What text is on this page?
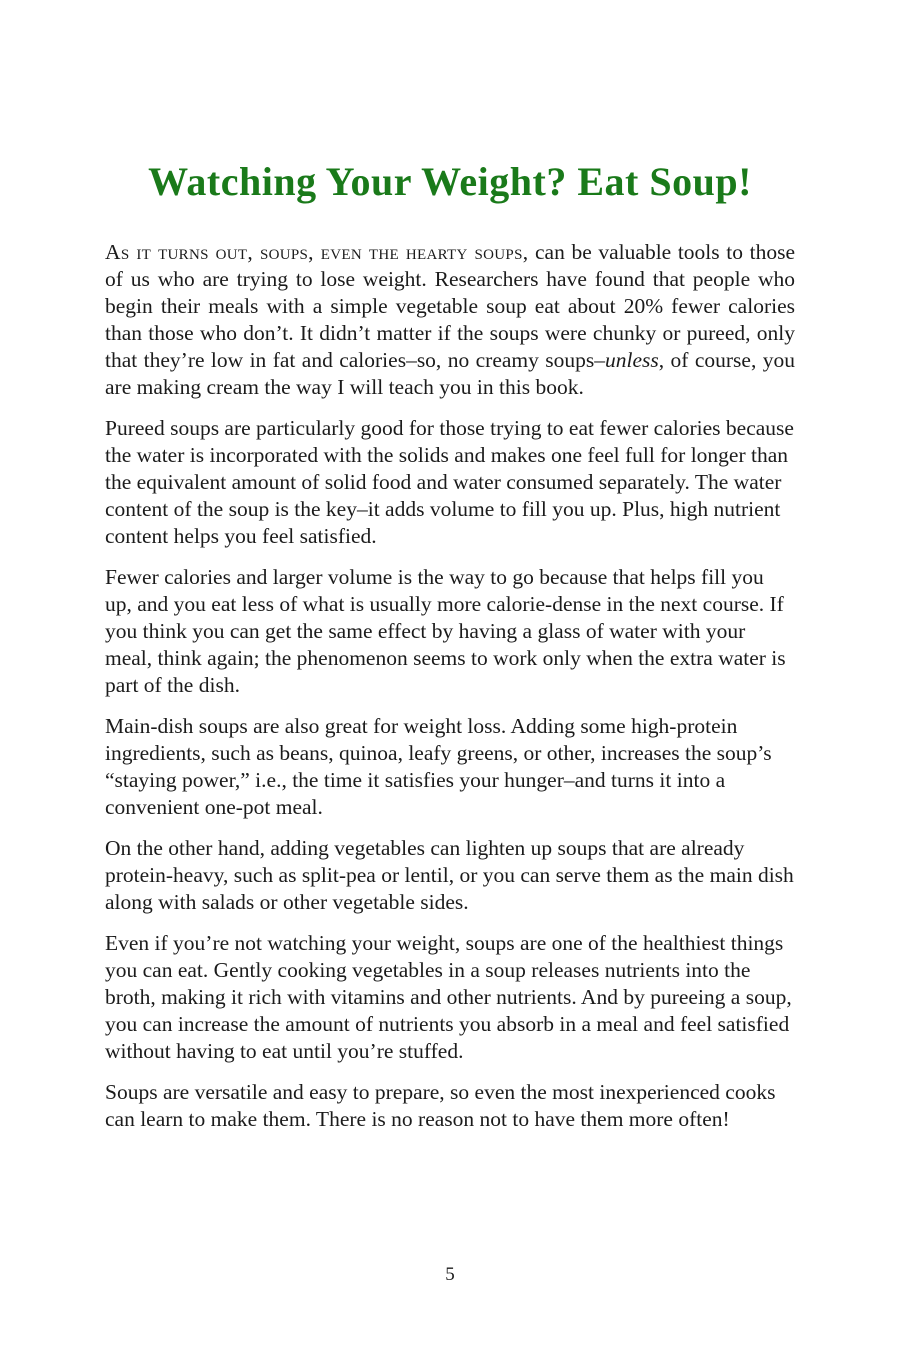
Watching Your Weight? Eat Soup!

As it turns out, soups, even the hearty soups, can be valuable tools to those of us who are trying to lose weight. Researchers have found that people who begin their meals with a simple vegetable soup eat about 20% fewer calories than those who don’t. It didn’t matter if the soups were chunky or pureed, only that they’re low in fat and calories–so, no creamy soups–unless, of course, you are making cream the way I will teach you in this book.

Pureed soups are particularly good for those trying to eat fewer calories because the water is incorporated with the solids and makes one feel full for longer than the equivalent amount of solid food and water consumed separately. The water content of the soup is the key–it adds volume to fill you up. Plus, high nutrient content helps you feel satisfied.

Fewer calories and larger volume is the way to go because that helps fill you up, and you eat less of what is usually more calorie-dense in the next course. If you think you can get the same effect by having a glass of water with your meal, think again; the phenomenon seems to work only when the extra water is part of the dish.

Main-dish soups are also great for weight loss. Adding some high-protein ingredients, such as beans, quinoa, leafy greens, or other, increases the soup’s “staying power,” i.e., the time it satisfies your hunger–and turns it into a convenient one-pot meal.

On the other hand, adding vegetables can lighten up soups that are already protein-heavy, such as split-pea or lentil, or you can serve them as the main dish along with salads or other vegetable sides.

Even if you’re not watching your weight, soups are one of the healthiest things you can eat. Gently cooking vegetables in a soup releases nutrients into the broth, making it rich with vitamins and other nutrients. And by pureeing a soup, you can increase the amount of nutrients you absorb in a meal and feel satisfied without having to eat until you’re stuffed.

Soups are versatile and easy to prepare, so even the most inexperienced cooks can learn to make them. There is no reason not to have them more often!

5
